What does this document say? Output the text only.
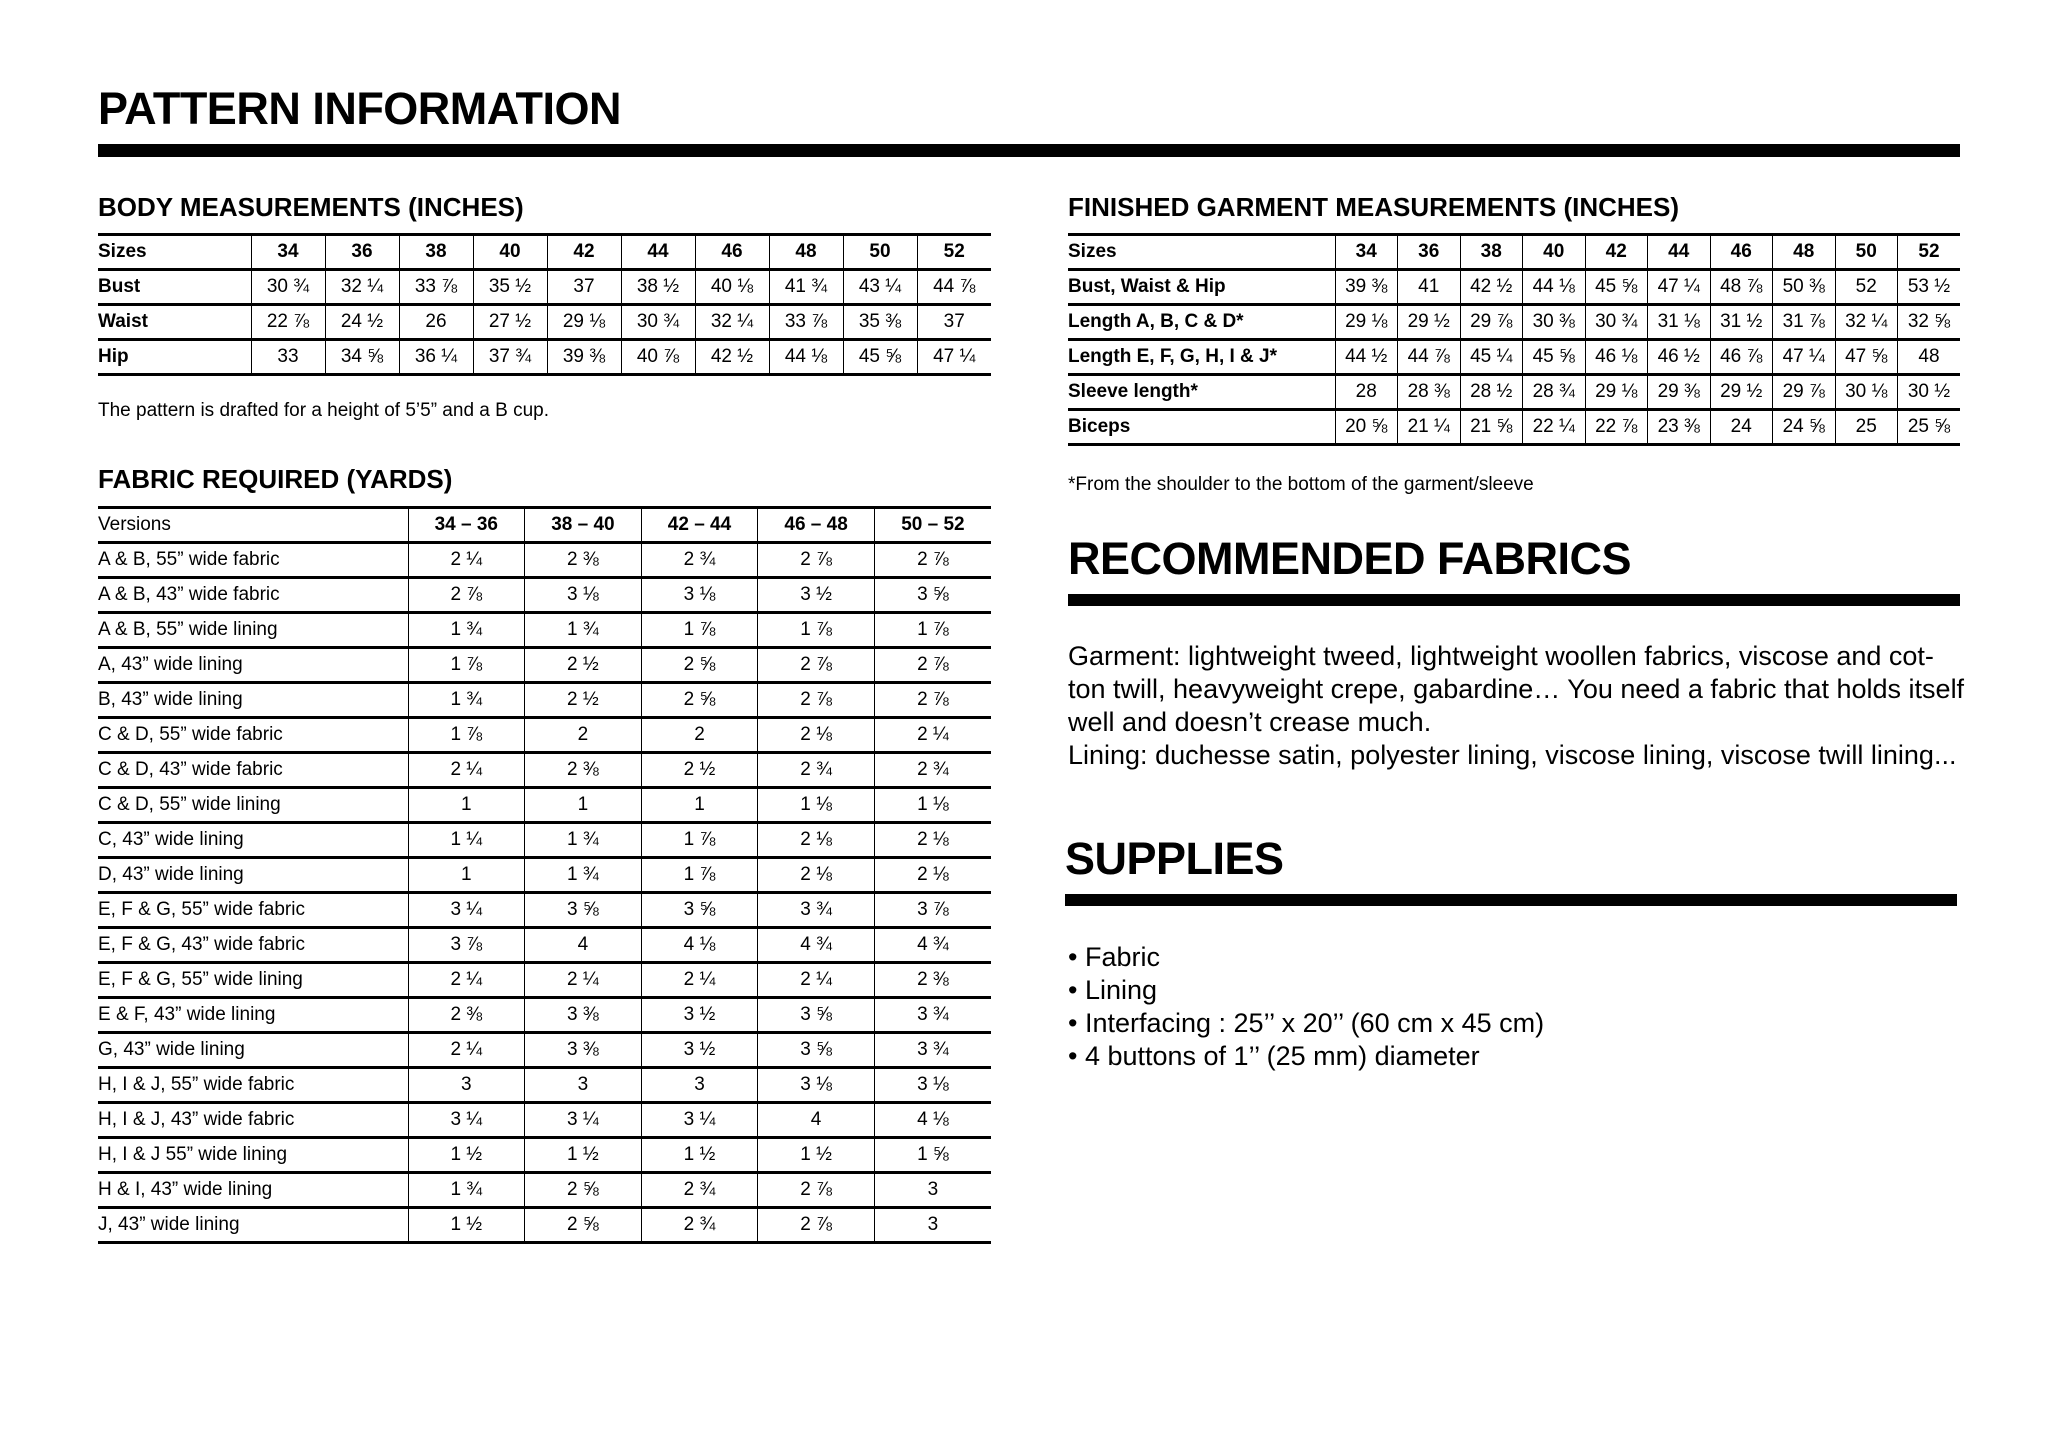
PATTERN INFORMATION
BODY MEASUREMENTS (INCHES)
Sizes	34	36	38	40	42	44	46	48	50	52
Bust	30 ¾	32 ¼	33 ⅞	35 ½	37	38 ½	40 ⅛	41 ¾	43 ¼	44 ⅞
Waist	22 ⅞	24 ½	26	27 ½	29 ⅛	30 ¾	32 ¼	33 ⅞	35 ⅜	37
Hip	33	34 ⅝	36 ¼	37 ¾	39 ⅜	40 ⅞	42 ½	44 ⅛	45 ⅝	47 ¼

The pattern is drafted for a height of 5’5” and a B cup.

FABRIC REQUIRED (YARDS)
Versions	34 – 36	38 – 40	42 – 44	46 – 48	50 – 52
A & B, 55” wide fabric	2 ¼	2 ⅜	2 ¾	2 ⅞	2 ⅞
A & B, 43” wide fabric	2 ⅞	3 ⅛	3 ⅛	3 ½	3 ⅝
A & B, 55” wide lining	1 ¾	1 ¾	1 ⅞	1 ⅞	1 ⅞
A, 43” wide lining	1 ⅞	2 ½	2 ⅝	2 ⅞	2 ⅞
B, 43” wide lining	1 ¾	2 ½	2 ⅝	2 ⅞	2 ⅞
C & D, 55” wide fabric	1 ⅞	2	2	2 ⅛	2 ¼
C & D, 43” wide fabric	2 ¼	2 ⅜	2 ½	2 ¾	2 ¾
C & D, 55” wide lining	1	1	1	1 ⅛	1 ⅛
C, 43” wide lining	1 ¼	1 ¾	1 ⅞	2 ⅛	2 ⅛
D, 43” wide lining	1	1 ¾	1 ⅞	2 ⅛	2 ⅛
E, F & G, 55” wide fabric	3 ¼	3 ⅝	3 ⅝	3 ¾	3 ⅞
E, F & G, 43” wide fabric	3 ⅞	4	4 ⅛	4 ¾	4 ¾
E, F & G, 55” wide lining	2 ¼	2 ¼	2 ¼	2 ¼	2 ⅜
E & F, 43” wide lining	2 ⅜	3 ⅜	3 ½	3 ⅝	3 ¾
G, 43” wide lining	2 ¼	3 ⅜	3 ½	3 ⅝	3 ¾
H, I & J, 55” wide fabric	3	3	3	3 ⅛	3 ⅛
H, I & J, 43” wide fabric	3 ¼	3 ¼	3 ¼	4	4 ⅛
H, I & J 55” wide lining	1 ½	1 ½	1 ½	1 ½	1 ⅝
H & I, 43” wide lining	1 ¾	2 ⅝	2 ¾	2 ⅞	3
J, 43” wide lining	1 ½	2 ⅝	2 ¾	2 ⅞	3
FINISHED GARMENT MEASUREMENTS (INCHES)
Sizes	34	36	38	40	42	44	46	48	50	52
Bust, Waist & Hip	39 ⅜	41	42 ½	44 ⅛	45 ⅝	47 ¼	48 ⅞	50 ⅜	52	53 ½
Length A, B, C & D*	29 ⅛	29 ½	29 ⅞	30 ⅜	30 ¾	31 ⅛	31 ½	31 ⅞	32 ¼	32 ⅝
Length E, F, G, H, I & J*	44 ½	44 ⅞	45 ¼	45 ⅝	46 ⅛	46 ½	46 ⅞	47 ¼	47 ⅝	48
Sleeve length*	28	28 ⅜	28 ½	28 ¾	29 ⅛	29 ⅜	29 ½	29 ⅞	30 ⅛	30 ½
Biceps	20 ⅝	21 ¼	21 ⅝	22 ¼	22 ⅞	23 ⅜	24	24 ⅝	25	25 ⅝

*From the shoulder to the bottom of the garment/sleeve

RECOMMENDED FABRICS
Garment: lightweight tweed, lightweight woollen fabrics, viscose and cot-
ton twill, heavyweight crepe, gabardine… You need a fabric that holds itself
well and doesn’t crease much.
Lining: duchesse satin, polyester lining, viscose lining, viscose twill lining...
SUPPLIES
• Fabric
• Lining
• Interfacing : 25’’ x 20’’ (60 cm x 45 cm)
• 4 buttons of 1’’ (25 mm) diameter
